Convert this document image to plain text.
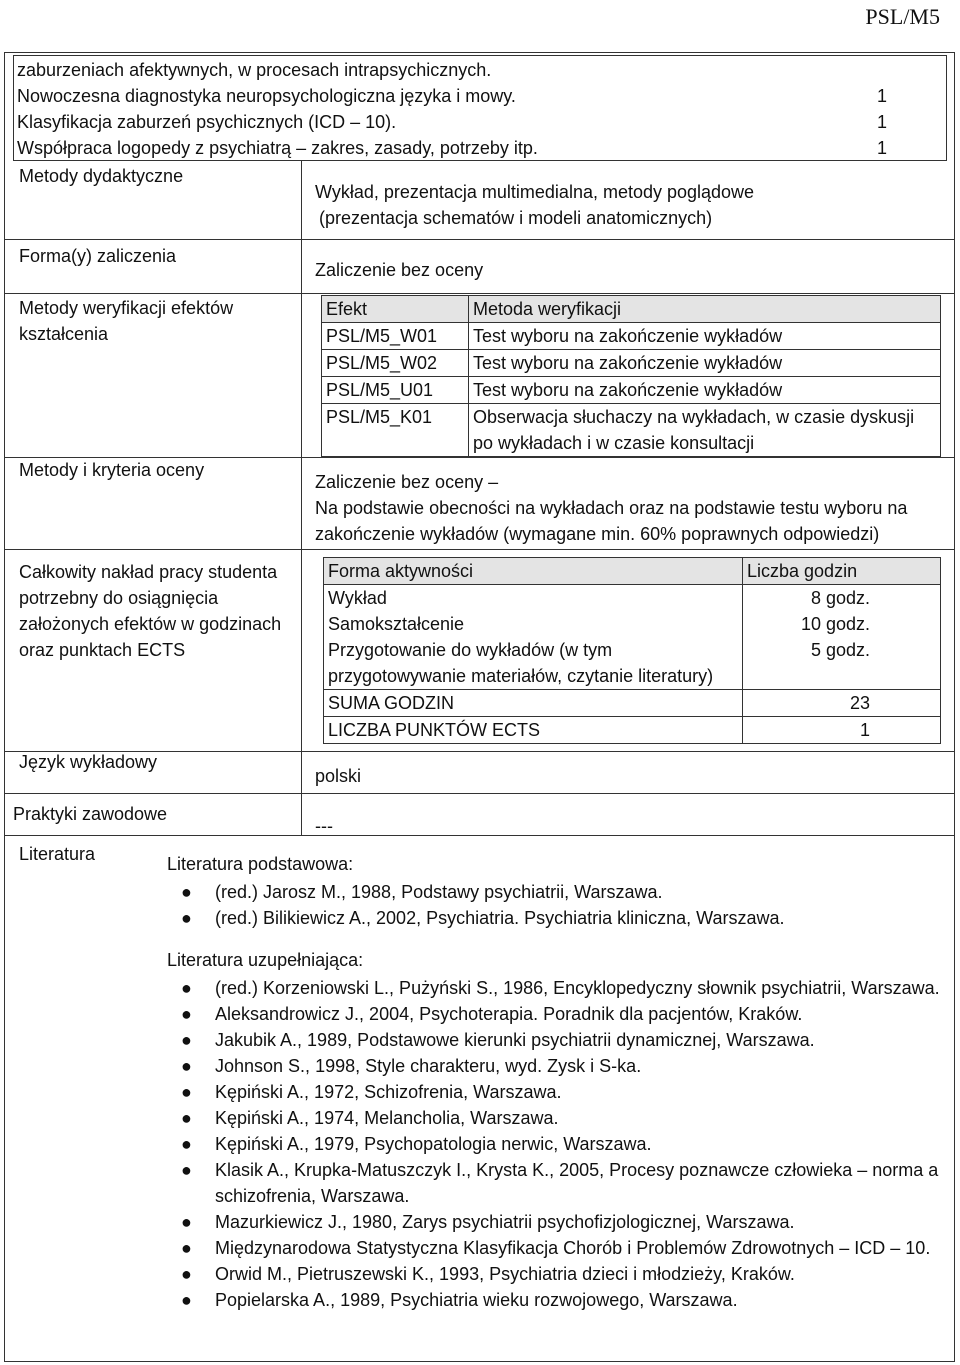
PSL/M5
zaburzeniach afektywnych, w procesach intrapsychicznych.
Nowoczesna diagnostyka neuropsychologiczna języka i mowy.	1
Klasyfikacja zaburzeń psychicznych (ICD – 10).	1
Współpraca logopedy z psychiatrą – zakres, zasady, potrzeby itp.	1
Metody dydaktyczne
Wykład, prezentacja multimedialna, metody poglądowe
(prezentacja schematów i modeli anatomicznych)
Forma(y) zaliczenia
Zaliczenie bez oceny
Metody weryfikacji efektów
kształcenia
Efekt	Metoda weryfikacji
PSL/M5_W01	Test wyboru na zakończenie wykładów
PSL/M5_W02	Test wyboru na zakończenie wykładów
PSL/M5_U01	Test wyboru na zakończenie wykładów
PSL/M5_K01	Obserwacja słuchaczy na wykładach, w czasie dyskusji po wykładach i w czasie konsultacji
Metody i kryteria oceny
Zaliczenie bez oceny –
Na podstawie obecności na wykładach oraz na podstawie testu wyboru na
zakończenie wykładów (wymagane min. 60% poprawnych odpowiedzi)
Całkowity nakład pracy studenta
potrzebny do osiągnięcia
założonych efektów w godzinach
oraz punktach ECTS
Forma aktywności	Liczba godzin
Wykład	8 godz.
Samokształcenie	10 godz.
Przygotowanie do wykładów (w tym przygotowywanie materiałów, czytanie literatury)	5 godz.
SUMA GODZIN	23
LICZBA PUNKTÓW ECTS	1
Język wykładowy
polski
Praktyki zawodowe
---
Literatura	Literatura podstawowa:
● (red.) Jarosz M., 1988, Podstawy psychiatrii, Warszawa.
● (red.) Bilikiewicz A., 2002, Psychiatria. Psychiatria kliniczna, Warszawa.
Literatura uzupełniająca:
● (red.) Korzeniowski L., Pużyński S., 1986, Encyklopedyczny słownik psychiatrii, Warszawa.
● Aleksandrowicz J., 2004, Psychoterapia. Poradnik dla pacjentów, Kraków.
● Jakubik A., 1989, Podstawowe kierunki psychiatrii dynamicznej, Warszawa.
● Johnson S., 1998, Style charakteru, wyd. Zysk i S-ka.
● Kępiński A., 1972, Schizofrenia, Warszawa.
● Kępiński A., 1974, Melancholia, Warszawa.
● Kępiński A., 1979, Psychopatologia nerwic, Warszawa.
● Klasik A., Krupka-Matuszczyk I., Krysta K., 2005, Procesy poznawcze człowieka – norma a schizofrenia, Warszawa.
● Mazurkiewicz J., 1980, Zarys psychiatrii psychofizjologicznej, Warszawa.
● Międzynarodowa Statystyczna Klasyfikacja Chorób i Problemów Zdrowotnych – ICD – 10.
● Orwid M., Pietruszewski K., 1993, Psychiatria dzieci i młodzieży, Kraków.
● Popielarska A., 1989, Psychiatria wieku rozwojowego, Warszawa.
